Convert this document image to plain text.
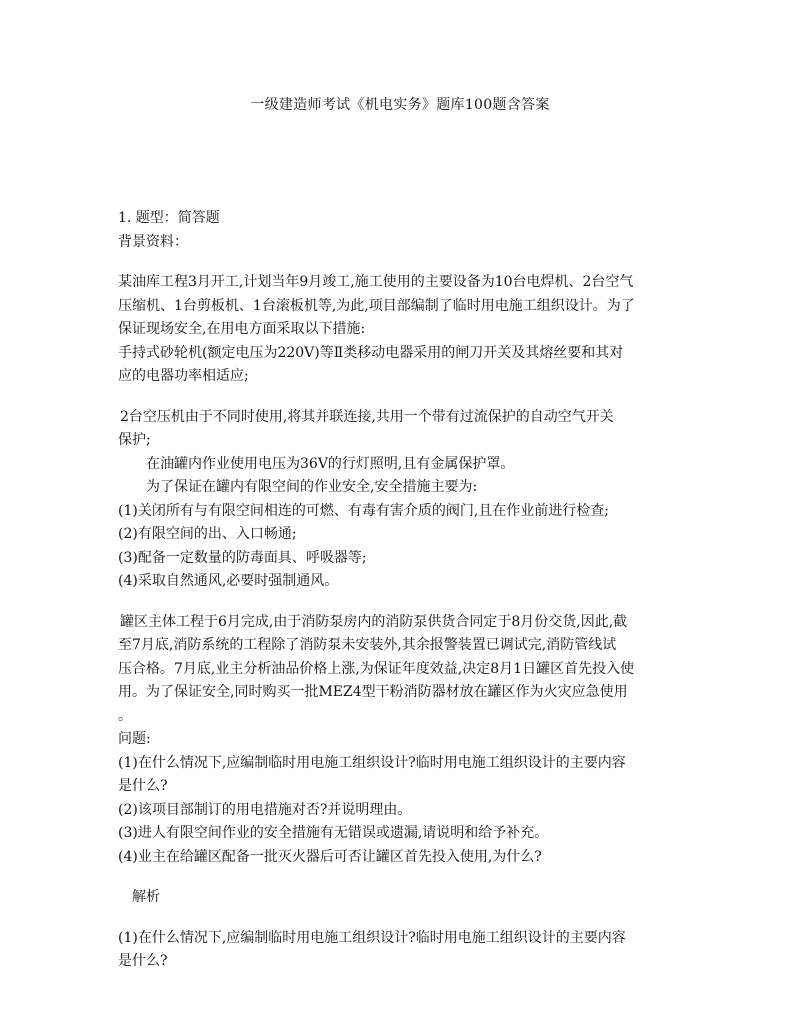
一级建造师考试《机电实务》题库100题含答案

1. 题型：简答题

背景资料：

某油库工程3月开工,计划当年9月竣工,施工使用的主要设备为10台电焊机、2台空气

压缩机、1台剪板机、1台滚板机等,为此,项目部编制了临时用电施工组织设计。为了

保证现场安全,在用电方面采取以下措施:

手持式砂轮机(额定电压为220V)等Ⅱ类移动电器采用的闸刀开关及其熔丝要和其对

应的电器功率相适应;

2台空压机由于不同时使用,将其并联连接,共用一个带有过流保护的自动空气开关

保护;

在油罐内作业使用电压为36V的行灯照明,且有金属保护罩。

为了保证在罐内有限空间的作业安全,安全措施主要为:

(1)关闭所有与有限空间相连的可燃、有毒有害介质的阀门,且在作业前进行检查;

(2)有限空间的出、入口畅通;

(3)配备一定数量的防毒面具、呼吸器等;

(4)采取自然通风,必要时强制通风。

罐区主体工程于6月完成,由于消防泵房内的消防泵供货合同定于8月份交货,因此,截

至7月底,消防系统的工程除了消防泵未安装外,其余报警装置已调试完,消防管线试

压合格。7月底,业主分析油品价格上涨,为保证年度效益,决定8月1日罐区首先投入使

用。为了保证安全,同时购买一批MEZ4型干粉消防器材放在罐区作为火灾应急使用

。

问题:

(1)在什么情况下,应编制临时用电施工组织设计?临时用电施工组织设计的主要内容

是什么?

(2)该项目部制订的用电措施对否?并说明理由。

(3)进人有限空间作业的安全措施有无错误或遗漏,请说明和给予补充。

(4)业主在给罐区配备一批灭火器后可否让罐区首先投入使用,为什么?

解析

(1)在什么情况下,应编制临时用电施工组织设计?临时用电施工组织设计的主要内容

是什么?
